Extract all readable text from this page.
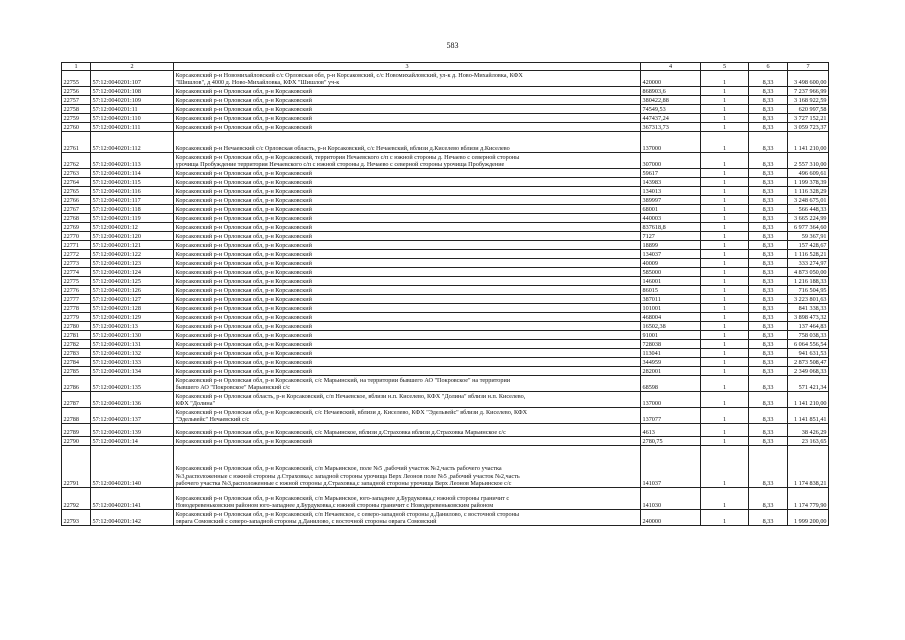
583
1	2	3	4	5	6	7
22755	57:12:0040201:107	Корсаковский р-н Новомихайловский с/с Орловская обл, р-н Корсаковский, с/с Новомихайловский, ул-к д. Ново-Михайловка, КФХ
"Шишлов", д 4000 д. Ново-Михайловка, КФХ "Шишлов" уч-к	420000	1	8,33	3 498 600,00
22756	57:12:0040201:108	Корсаковский р-н Орловская обл, р-н Корсаковский	868903,6	1	8,33	7 237 966,99
22757	57:12:0040201:109	Корсаковский р-н Орловская обл, р-н Корсаковский	380422,88	1	8,33	3 168 922,59
22758	57:12:0040201:11	Корсаковский р-н Орловская обл, р-н Корсаковский	74549,53	1	8,33	620 997,58
22759	57:12:0040201:110	Корсаковский р-н Орловская обл, р-н Корсаковский	447437,24	1	8,33	3 727 152,21
22760	57:12:0040201:111	Корсаковский р-н Орловская обл, р-н Корсаковский	367313,73	1	8,33	3 059 723,37
22761	57:12:0040201:112	Корсаковский р-н Нечаевский с/с Орловская область, р-н Корсаковский, с/с Нечаевский, вблизи д.Киселево вблизи д.Киселево	137000	1	8,33	1 141 210,00
22762	57:12:0040201:113	Корсаковский р-н Орловская обл, р-н Корсаковский, территория Нечаевского с/п с южной стороны д. Нечаево с северной стороны
урочища Пробуждение территория Нечаевского с/п с южной стороны д. Нечаево с северной стороны урочища Пробуждение	307000	1	8,33	2 557 310,00
22763	57:12:0040201:114	Корсаковский р-н Орловская обл, р-н Корсаковский	59617	1	8,33	496 609,61
22764	57:12:0040201:115	Корсаковский р-н Орловская обл, р-н Корсаковский	143983	1	8,33	1 199 378,39
22765	57:12:0040201:116	Корсаковский р-н Орловская обл, р-н Корсаковский	134013	1	8,33	1 116 328,29
22766	57:12:0040201:117	Корсаковский р-н Орловская обл, р-н Корсаковский	389997	1	8,33	3 248 675,01
22767	57:12:0040201:118	Корсаковский р-н Орловская обл, р-н Корсаковский	68001	1	8,33	566 448,33
22768	57:12:0040201:119	Корсаковский р-н Орловская обл, р-н Корсаковский	440003	1	8,33	3 665 224,99
22769	57:12:0040201:12	Корсаковский р-н Орловская обл, р-н Корсаковский	837618,8	1	8,33	6 977 364,60
22770	57:12:0040201:120	Корсаковский р-н Орловская обл, р-н Корсаковский	7127	1	8,33	59 367,91
22771	57:12:0040201:121	Корсаковский р-н Орловская обл, р-н Корсаковский	18899	1	8,33	157 428,67
22772	57:12:0040201:122	Корсаковский р-н Орловская обл, р-н Корсаковский	134037	1	8,33	1 116 528,21
22773	57:12:0040201:123	Корсаковский р-н Орловская обл, р-н Корсаковский	40009	1	8,33	333 274,97
22774	57:12:0040201:124	Корсаковский р-н Орловская обл, р-н Корсаковский	585000	1	8,33	4 873 050,00
22775	57:12:0040201:125	Корсаковский р-н Орловская обл, р-н Корсаковский	146001	1	8,33	1 216 188,33
22776	57:12:0040201:126	Корсаковский р-н Орловская обл, р-н Корсаковский	86015	1	8,33	716 504,95
22777	57:12:0040201:127	Корсаковский р-н Орловская обл, р-н Корсаковский	387011	1	8,33	3 223 801,63
22778	57:12:0040201:128	Корсаковский р-н Орловская обл, р-н Корсаковский	101001	1	8,33	841 338,33
22779	57:12:0040201:129	Корсаковский р-н Орловская обл, р-н Корсаковский	468004	1	8,33	3 898 473,32
22780	57:12:0040201:13	Корсаковский р-н Орловская обл, р-н Корсаковский	16502,38	1	8,33	137 464,83
22781	57:12:0040201:130	Корсаковский р-н Орловская обл, р-н Корсаковский	91001	1	8,33	758 038,33
22782	57:12:0040201:131	Корсаковский р-н Орловская обл, р-н Корсаковский	728038	1	8,33	6 064 556,54
22783	57:12:0040201:132	Корсаковский р-н Орловская обл, р-н Корсаковский	113041	1	8,33	941 631,53
22784	57:12:0040201:133	Корсаковский р-н Орловская обл, р-н Корсаковский	344959	1	8,33	2 873 508,47
22785	57:12:0040201:134	Корсаковский р-н Орловская обл, р-н Корсаковский	282001	1	8,33	2 349 068,33
22786	57:12:0040201:135	Корсаковский р-н Орловская обл, р-н Корсаковский, с/с Марьинский, на территории бывшего АО "Покровское" на территории
бывшего АО "Покровское" Марьинский с/с	68598	1	8,33	571 421,34
22787	57:12:0040201:136	Корсаковский р-н Орловская область, р-н Корсаковский, с/п Нечаевское, вблизи н.п. Киселево, КФХ "Долина" вблизи н.п. Киселево,
КФХ "Долина"	137000	1	8,33	1 141 210,00
22788	57:12:0040201:137	Корсаковский р-н Орловская обл, р-н Корсаковский, с/с Нечаевский, вблизи д. Киселево, КФХ "Эдельвейс" вблизи д. Киселево, КФХ
"Эдельвейс" Нечаевский с/с	137077	1	8,33	1 141 851,41
22789	57:12:0040201:139	Корсаковский р-н Орловская обл, р-н Корсаковский, с/с Марьинское, вблизи д.Страховка вблизи д.Страховка Марьинское с/с	4613	1	8,33	38 426,29
22790	57:12:0040201:14	Корсаковский р-н Орловская обл, р-н Корсаковский	2780,75	1	8,33	23 163,65
22791	57:12:0040201:140	Корсаковский р-н Орловская обл, р-н Корсаковский, с/п Марьинское, поле №5 ,рабочий участок №2,часть рабочего участка
№3,расположенные с южной стороны д.Страховка,с западной стороны урочища Верх Леонов поле №5 ,рабочий участок №2,часть
рабочего участка №3,расположенные с южной стороны д.Страховка,с западной стороны урочища Верх Леонов Марьинское с/с	141037	1	8,33	1 174 838,21
22792	57:12:0040201:141	Корсаковский р-н Орловская обл, р-н Корсаковский, с/п Марьинское, юго-западнее д.Бурдуковка,с южной стороны граничит с
Новодеревеньковским районом юго-западнее д.Бурдуковка,с южной стороны граничит с Новодеревеньковским районом	141030	1	8,33	1 174 779,90
22793	57:12:0040201:142	Корсаковский р-н Орловская обл, р-н Корсаковский, с/п Нечаевское, с северо-западной стороны д.Данилово, с восточной стороны
оврага Сомовский с северо-западной стороны д.Данилово, с восточной стороны оврага Сомовский	240000	1	8,33	1 999 200,00
